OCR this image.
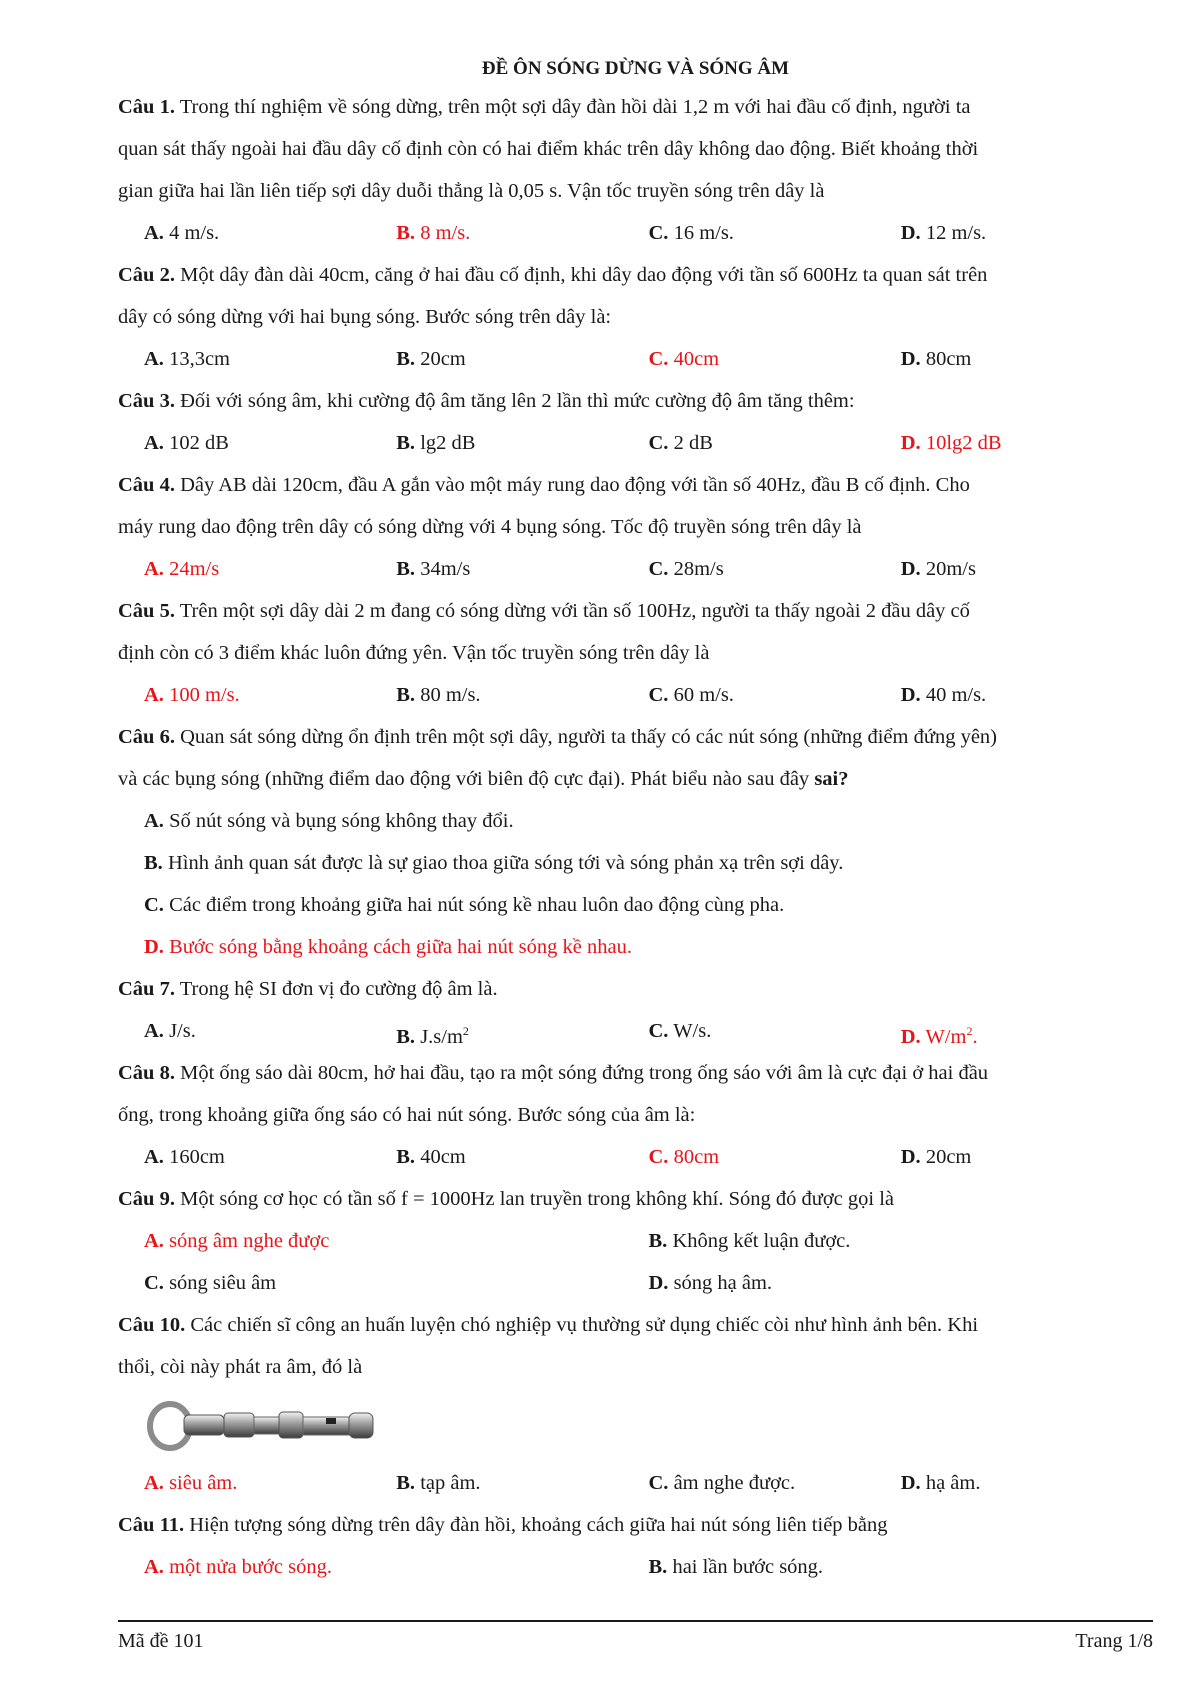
ĐỀ ÔN SÓNG DỪNG VÀ SÓNG ÂM
Câu 1. Trong thí nghiệm về sóng dừng, trên một sợi dây đàn hồi dài 1,2 m với hai đầu cố định, người ta
quan sát thấy ngoài hai đầu dây cố định còn có hai điểm khác trên dây không dao động. Biết khoảng thời
gian giữa hai lần liên tiếp sợi dây duỗi thẳng là 0,05 s. Vận tốc truyền sóng trên dây là
A. 4 m/s.	B. 8 m/s.	C. 16 m/s.	D. 12 m/s.
Câu 2. Một dây đàn dài 40cm, căng ở hai đầu cố định, khi dây dao động với tần số 600Hz ta quan sát trên
dây có sóng dừng với hai bụng sóng. Bước sóng trên dây là:
A. 13,3cm	B. 20cm	C. 40cm	D. 80cm
Câu 3. Đối với sóng âm, khi cường độ âm tăng lên 2 lần thì mức cường độ âm tăng thêm:
A. 102 dB	B. lg2 dB	C. 2 dB	D. 10lg2 dB
Câu 4. Dây AB dài 120cm, đầu A gắn vào một máy rung dao động với tần số 40Hz, đầu B cố định. Cho
máy rung dao động trên dây có sóng dừng với 4 bụng sóng. Tốc độ truyền sóng trên dây là
A. 24m/s	B. 34m/s	C. 28m/s	D. 20m/s
Câu 5. Trên một sợi dây dài 2 m đang có sóng dừng với tần số 100Hz, người ta thấy ngoài 2 đầu dây cố
định còn có 3 điểm khác luôn đứng yên. Vận tốc truyền sóng trên dây là
A. 100 m/s.	B. 80 m/s.	C. 60 m/s.	D. 40 m/s.
Câu 6. Quan sát sóng dừng ổn định trên một sợi dây, người ta thấy có các nút sóng (những điểm đứng yên)
và các bụng sóng (những điểm dao động với biên độ cực đại). Phát biểu nào sau đây sai?
A. Số nút sóng và bụng sóng không thay đổi.
B. Hình ảnh quan sát được là sự giao thoa giữa sóng tới và sóng phản xạ trên sợi dây.
C. Các điểm trong khoảng giữa hai nút sóng kề nhau luôn dao động cùng pha.
D. Bước sóng bằng khoảng cách giữa hai nút sóng kề nhau.
Câu 7. Trong hệ SI đơn vị đo cường độ âm là.
A. J/s.	B. $J.s/m^2$	C. W/s.	D. $W/m^2$.
Câu 8. Một ống sáo dài 80cm, hở hai đầu, tạo ra một sóng đứng trong ống sáo với âm là cực đại ở hai đầu
ống, trong khoảng giữa ống sáo có hai nút sóng. Bước sóng của âm là:
A. 160cm	B. 40cm	C. 80cm	D. 20cm
Câu 9. Một sóng cơ học có tần số f = 1000Hz lan truyền trong không khí. Sóng đó được gọi là
A. sóng âm nghe được	B. Không kết luận được.
C. sóng siêu âm	D. sóng hạ âm.
Câu 10. Các chiến sĩ công an huấn luyện chó nghiệp vụ thường sử dụng chiếc còi như hình ảnh bên. Khi
thổi, còi này phát ra âm, đó là
A. siêu âm.	B. tạp âm.	C. âm nghe được.	D. hạ âm.
Câu 11. Hiện tượng sóng dừng trên dây đàn hồi, khoảng cách giữa hai nút sóng liên tiếp bằng
A. một nửa bước sóng.	B. hai lần bước sóng.
Mã đề 101	Trang 1/8
